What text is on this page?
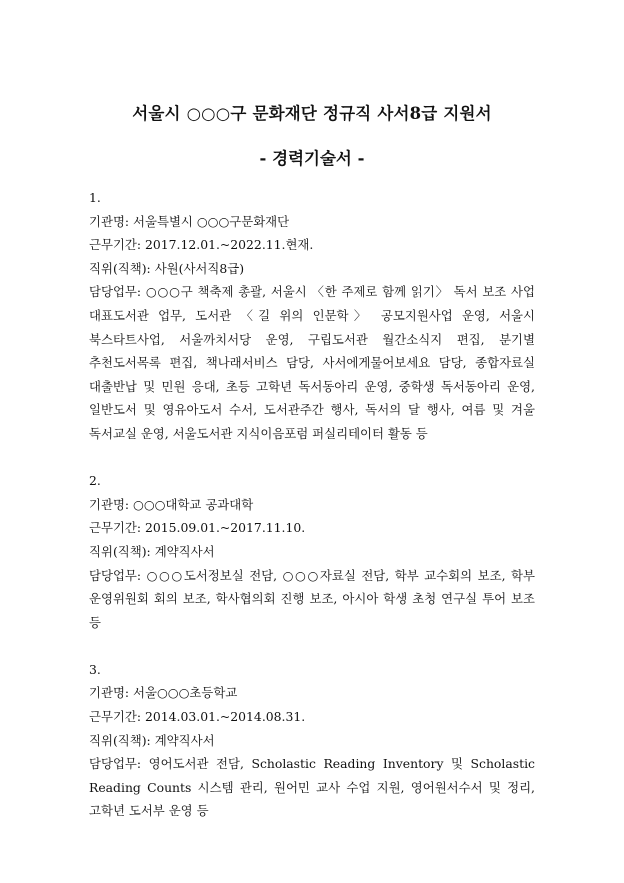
서울시 ○○○구 문화재단 정규직 사서8급 지원서
- 경력기술서 -
1.
기관명: 서울특별시 ○○○구문화재단
근무기간: 2017.12.01.~2022.11.현재.
직위(직책): 사원(사서직8급)
담당업무: ○○○구 책축제 총괄, 서울시 〈한 주제로 함께 읽기〉 독서 보조 사업 대표도서관 업무, 도서관 〈길 위의 인문학〉 공모지원사업 운영, 서울시 북스타트사업, 서울까치서당 운영, 구립도서관 월간소식지 편집, 분기별 추천도서목록 편집, 책나래서비스 담당, 사서에게물어보세요 담당, 종합자료실 대출반납 및 민원 응대, 초등 고학년 독서동아리 운영, 중학생 독서동아리 운영, 일반도서 및 영유아도서 수서, 도서관주간 행사, 독서의 달 행사, 여름 및 겨울 독서교실 운영, 서울도서관 지식이음포럼 퍼실리테이터 활동 등
2.
기관명: ○○○대학교 공과대학
근무기간: 2015.09.01.~2017.11.10.
직위(직책): 계약직사서
담당업무: ○○○도서정보실 전담, ○○○자료실 전담, 학부 교수회의 보조, 학부 운영위원회 회의 보조, 학사협의회 진행 보조, 아시아 학생 초청 연구실 투어 보조 등
3.
기관명: 서울○○○초등학교
근무기간: 2014.03.01.~2014.08.31.
직위(직책): 계약직사서
담당업무: 영어도서관 전담, Scholastic Reading Inventory 및 Scholastic Reading Counts 시스템 관리, 원어민 교사 수업 지원, 영어원서수서 및 정리, 고학년 도서부 운영 등
